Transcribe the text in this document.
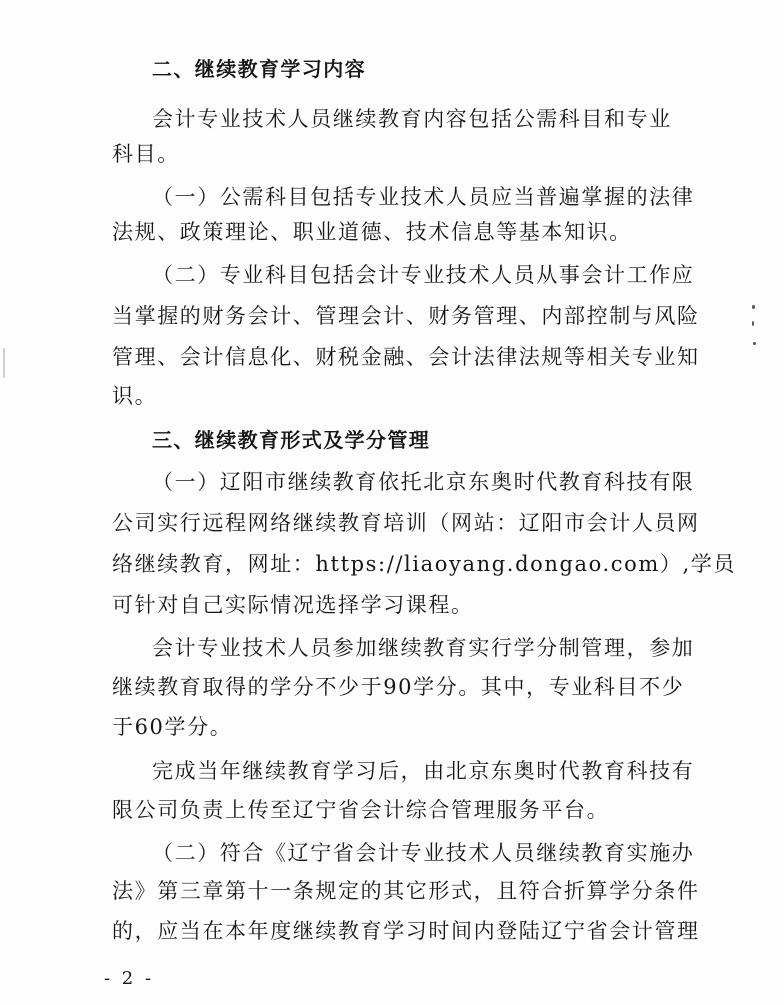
二、继续教育学习内容
会计专业技术人员继续教育内容包括公需科目和专业
科目。
（一）公需科目包括专业技术人员应当普遍掌握的法律
法规、政策理论、职业道德、技术信息等基本知识。
（二）专业科目包括会计专业技术人员从事会计工作应
当掌握的财务会计、管理会计、财务管理、内部控制与风险
管理、会计信息化、财税金融、会计法律法规等相关专业知
识。
三、继续教育形式及学分管理
（一）辽阳市继续教育依托北京东奥时代教育科技有限
公司实行远程网络继续教育培训（网站：辽阳市会计人员网
络继续教育，网址：https://liaoyang.dongao.com）,学员
可针对自己实际情况选择学习课程。
会计专业技术人员参加继续教育实行学分制管理，参加
继续教育取得的学分不少于90学分。其中，专业科目不少
于60学分。
完成当年继续教育学习后，由北京东奥时代教育科技有
限公司负责上传至辽宁省会计综合管理服务平台。
（二）符合《辽宁省会计专业技术人员继续教育实施办
法》第三章第十一条规定的其它形式，且符合折算学分条件
的，应当在本年度继续教育学习时间内登陆辽宁省会计管理
- 2 -
